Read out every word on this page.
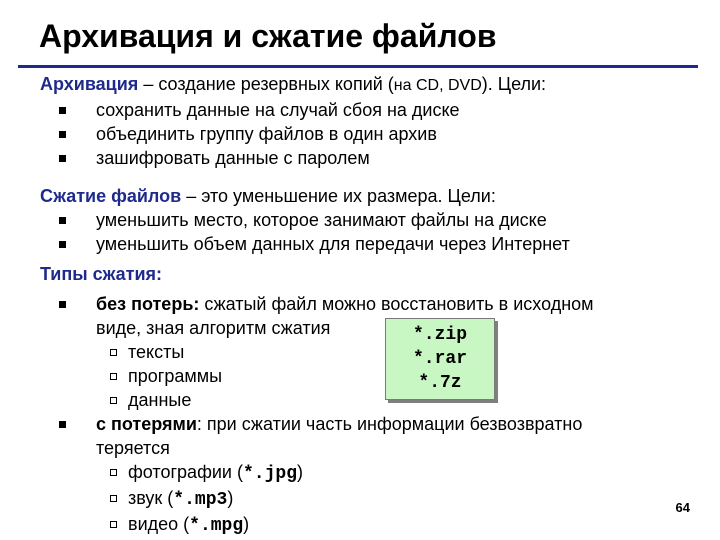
Архивация и сжатие файлов
Архивация – создание резервных копий (на CD, DVD). Цели:
сохранить данные на случай сбоя на диске
объединить группу файлов в один архив
зашифровать данные с паролем
Сжатие файлов – это уменьшение их размера. Цели:
уменьшить место, которое занимают файлы на диске
уменьшить объем данных для передачи через Интернет
Типы сжатия:
без потерь: сжатый файл можно восстановить в исходном
виде, зная алгоритм сжатия
тексты
программы
данные
с потерями: при сжатии часть информации безвозвратно
теряется
фотографии (*.jpg)
звук (*.mp3)
видео (*.mpg)
*.zip
*.rar
*.7z
64
